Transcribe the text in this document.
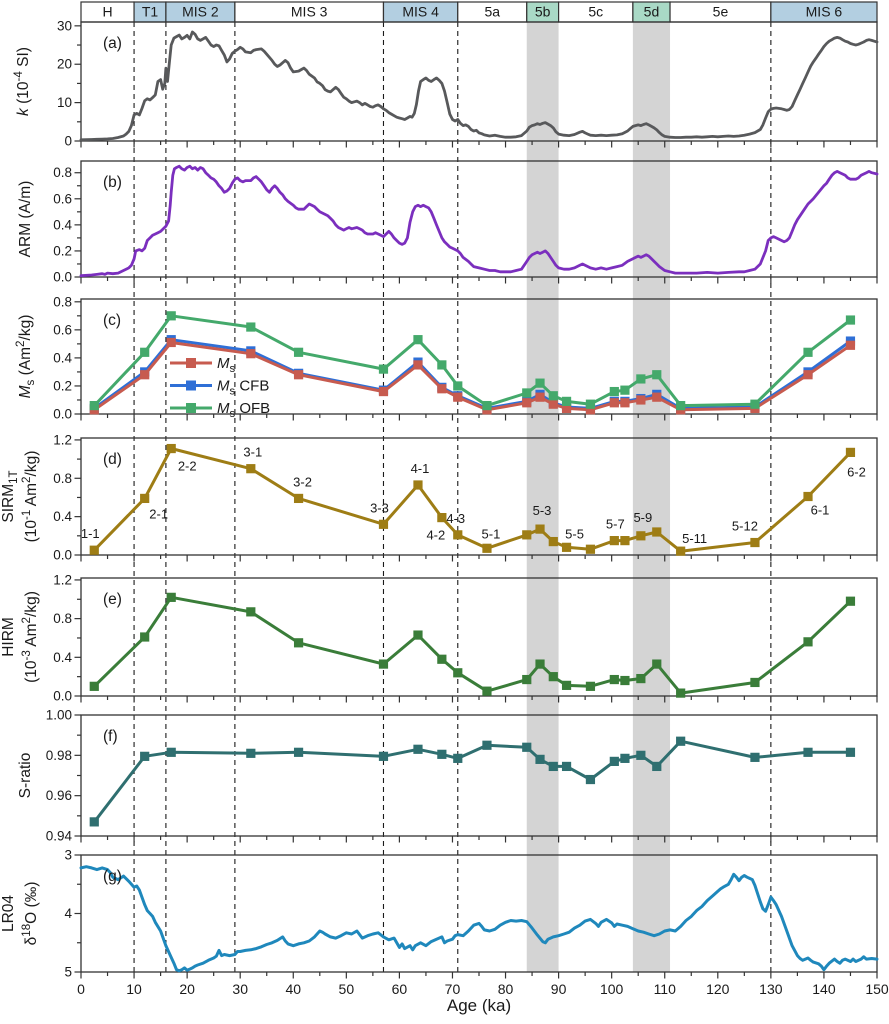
H T1 MIS 2	MIS 3	MIS 4	5a 5b	5c	5d	5e	MIS 6
0
10
20
30
k ($10^{-4}$ SI)
(a)
0.0
0.2
0.4
0.6
0.8
ARM (A/m)	(b)
0.0
0.2
0.4
0.6
0.8
$M_s$ (Am$^2$/kg)
$M_s$
$M_s$ CFB
$M_s$ OFB
(c)
0.0
0.4
0.8
1.2
$SIRM_{1T}$
($10^{-1}$ Am$^2$/kg)
1-1
2-1
2-2
3-1
3-2
3-3
4-1
4-2
4-3
5-1
5-3
5-5
5-7 5-9
5-11
5-12
6-1
6-2
(d)
0.0
0.4
0.8
1.2
HIRM
($10^{-3}$ Am$^2$/kg)	(e)
0.94
0.96
0.98
1.00
S-ratio
(f)
3
4
5
0	10	20	30	40	50	60	70	80	90 100 110 120 130 140 150
LR04
$\delta^{18}O$ (‰)
(g)
Age (ka)
